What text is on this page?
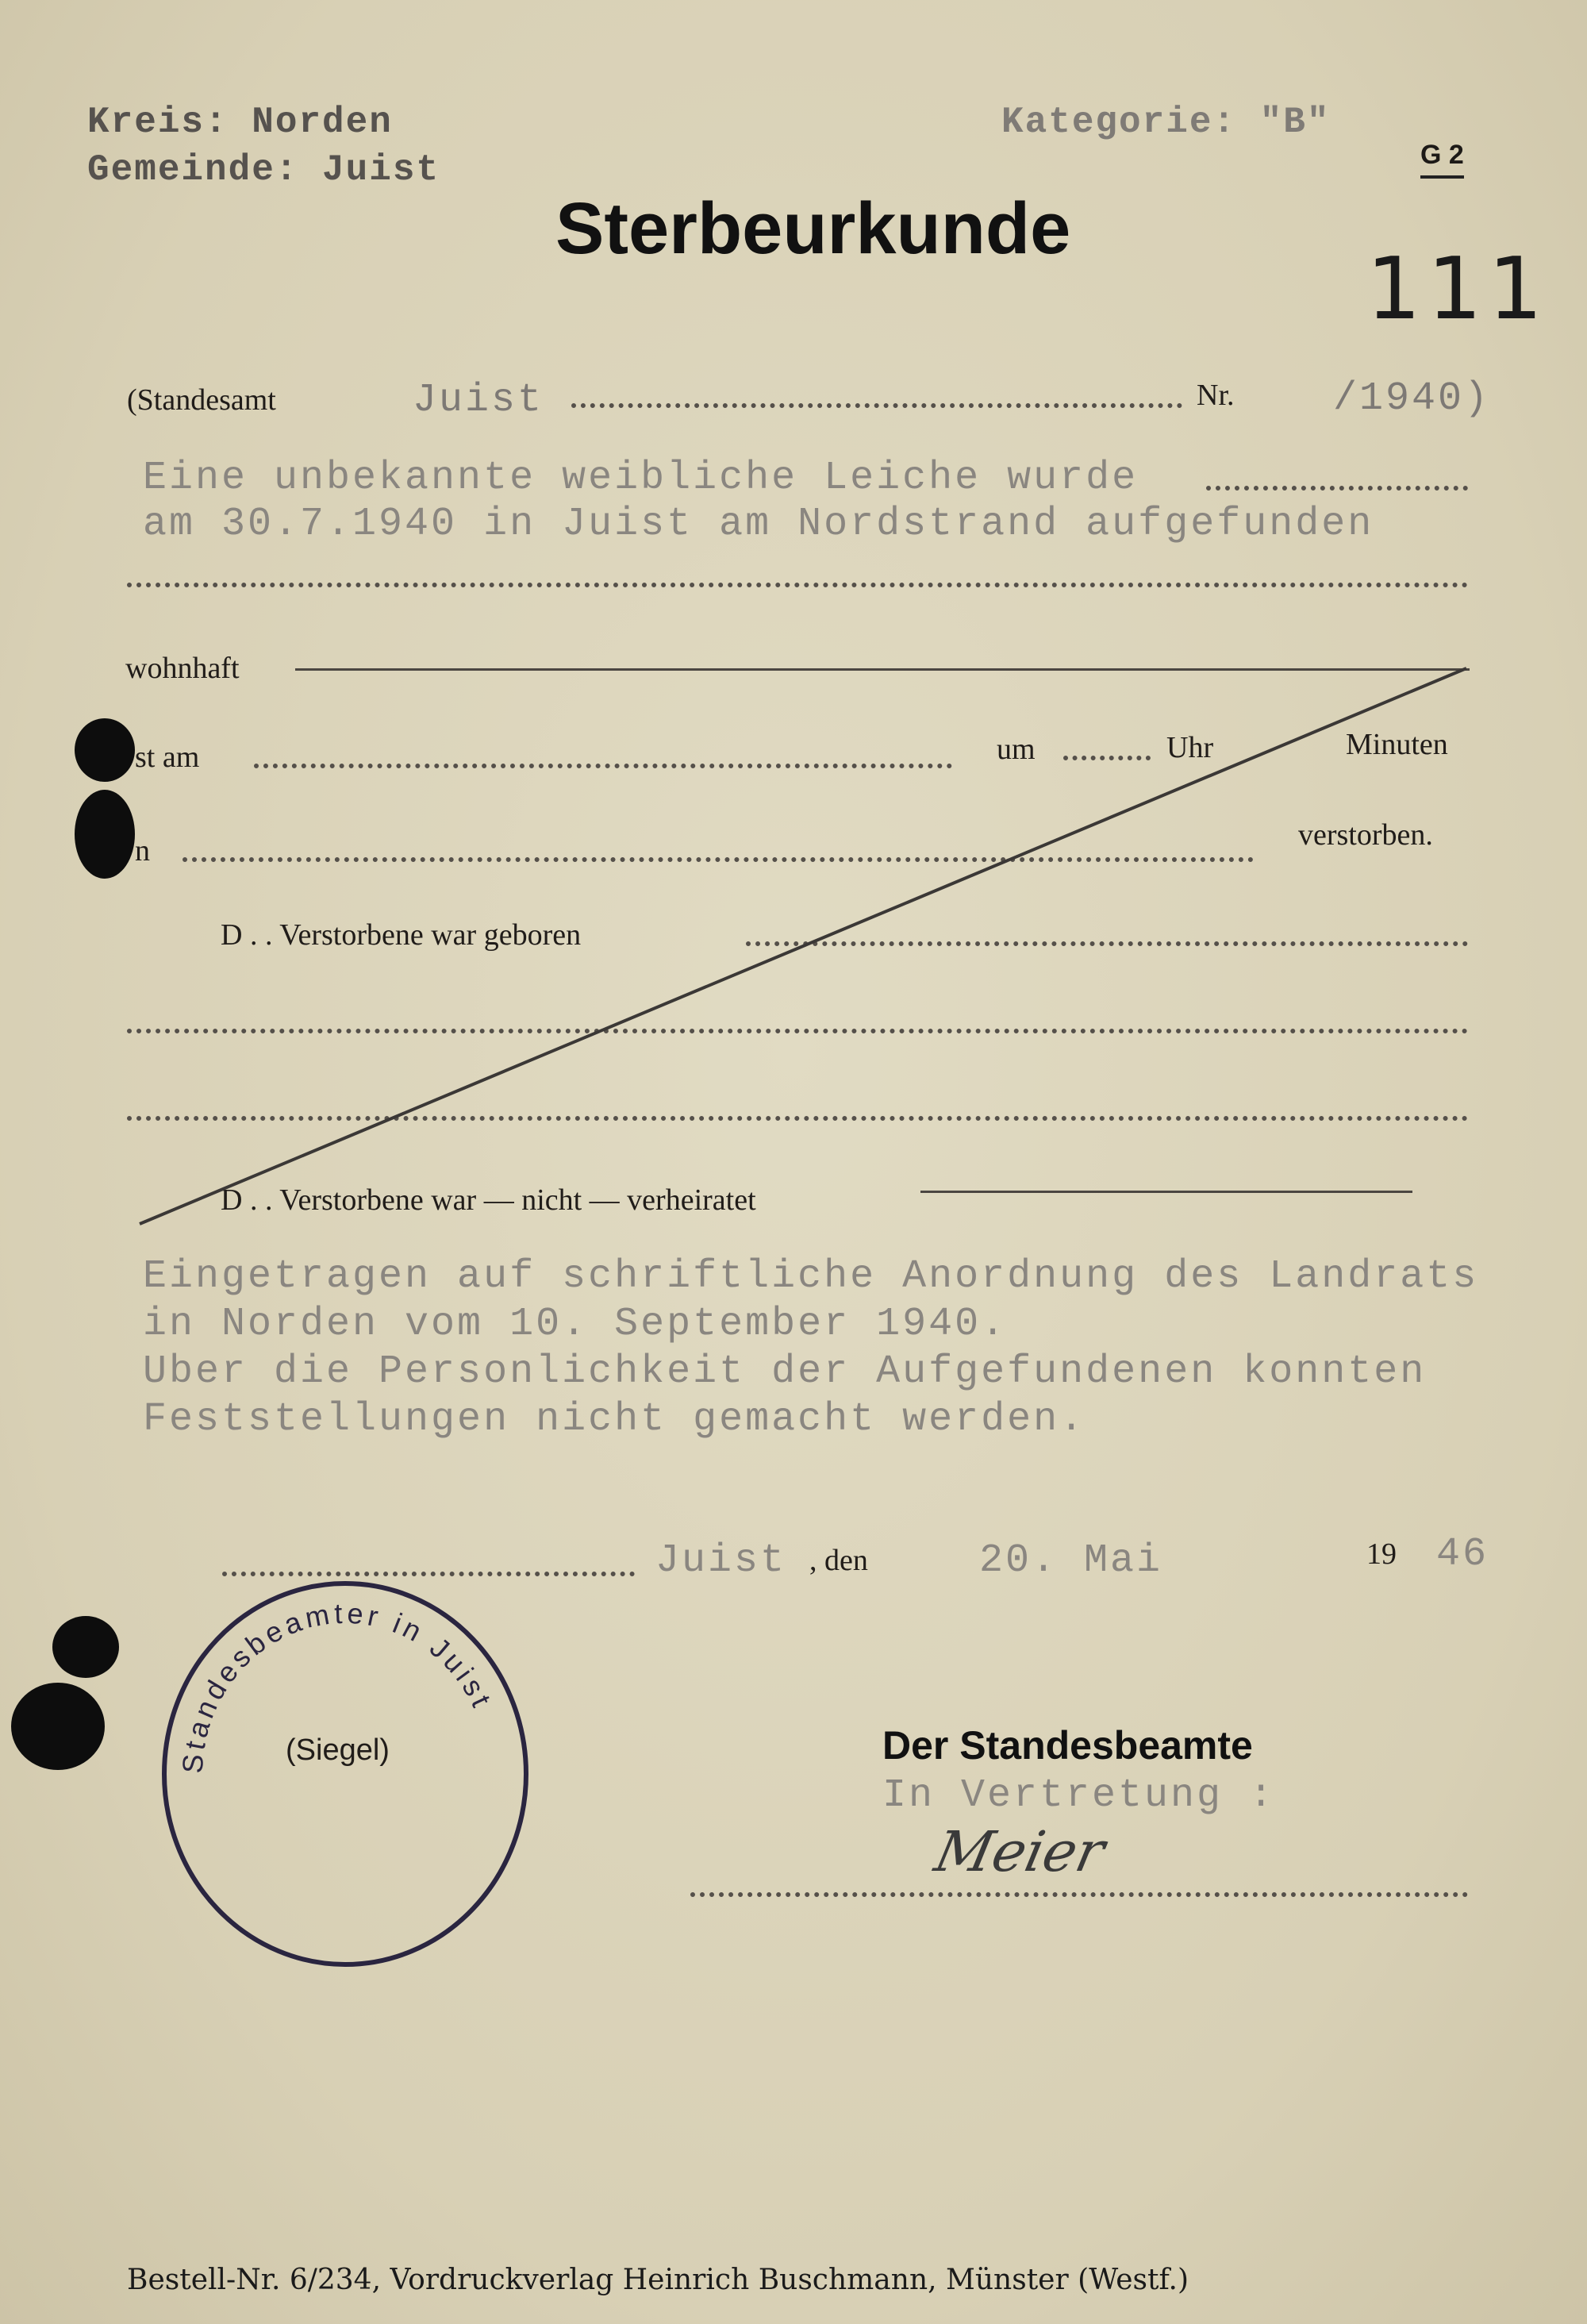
Kreis: Norden
Gemeinde: Juist
Kategorie: "B"
G 2
Sterbeurkunde
111
(Standesamt	Juist	Nr. /1940)
Eine unbekannte weibliche Leiche wurde
am 30.7.1940 in Juist am Nordstrand aufgefunden
wohnhaft
st am	um	Uhr	Minuten
n	verstorben.
D . . Verstorbene war geboren
D . . Verstorbene war — nicht — verheiratet
Eingetragen auf schriftliche Anordnung des Landrats
in Norden vom 10. September 1940.
Uber die Personlichkeit der Aufgefundenen konnten
Feststellungen nicht gemacht werden.
Juist , den	20. Mai	19 46
Standesbeamter in Juist
(Siegel)	Der Standesbeamte
In Vertretung :
Meier
Bestell-Nr. 6/234, Vordruckverlag Heinrich Buschmann, Münster (Westf.)
